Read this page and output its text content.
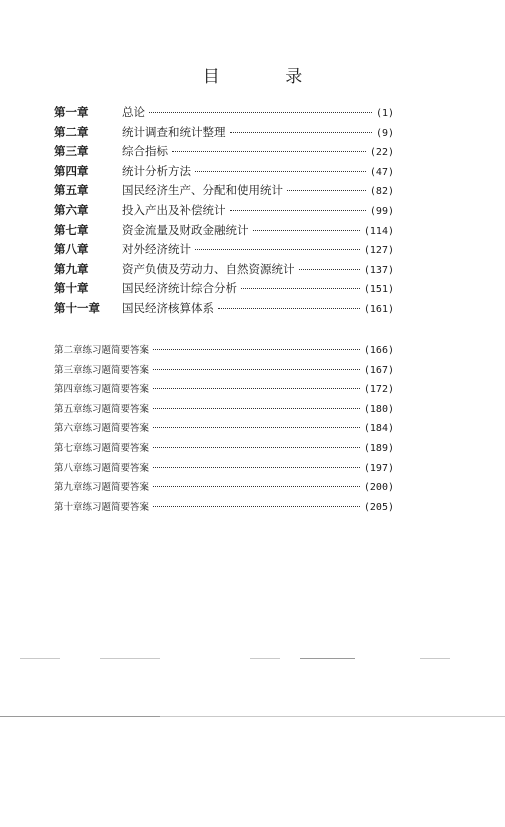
目 录
第一章	总论	(1)
第二章	统计调查和统计整理	(9)
第三章	综合指标	(22)
第四章	统计分析方法	(47)
第五章	国民经济生产、分配和使用统计	(82)
第六章	投入产出及补偿统计	(99)
第七章	资金流量及财政金融统计	(114)
第八章	对外经济统计	(127)
第九章	资产负债及劳动力、自然资源统计	(137)
第十章	国民经济统计综合分析	(151)
第十一章	国民经济核算体系	(161)
第二章练习题简要答案	(166)
第三章练习题简要答案	(167)
第四章练习题简要答案	(172)
第五章练习题简要答案	(180)
第六章练习题简要答案	(184)
第七章练习题简要答案	(189)
第八章练习题简要答案	(197)
第九章练习题简要答案	(200)
第十章练习题简要答案	(205)
